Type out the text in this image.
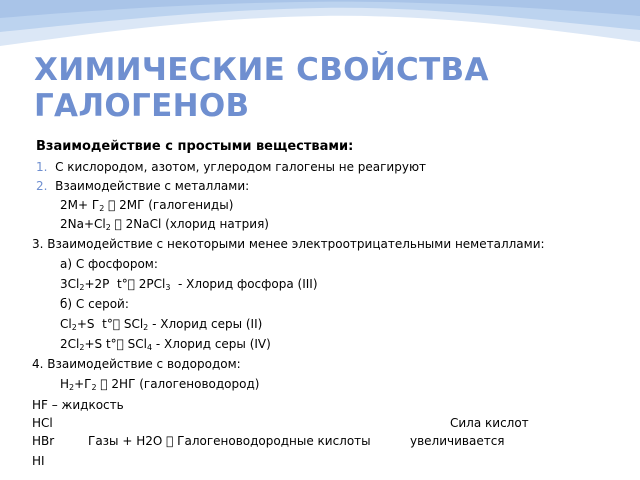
ХИМИЧЕСКИЕ СВОЙСТВА
ГАЛОГЕНОВ
Взаимодействие с простыми веществами:
1. С кислородом, азотом, углеродом галогены не реагируют
2. Взаимодействие с металлами:
$2М+ Г_2$   2МГ (галогениды)
$2Na+Cl_2$   2NaCl (хлорид натрия)
3. Взаимодействие с некоторыми менее электроотрицательными неметаллами:
а) С фосфором:
$3Cl_2+2P$  t°  2PCl$_3$  - Хлорид фосфора (III)
б) С серой:
$Cl_2+S$  t°  SCl$_2$ - Хлорид серы (II)
$2Cl_2+S$ t°  SCl$_4$ - Хлорид серы (IV)
4. Взаимодействие с водородом:
$Н_2+Г_2$   2НГ (галогеноводород)
HF – жидкость
HCl	Сила кислот
HBr	Газы + Н2О   Галогеноводородные кислоты	увеличивается
HI
